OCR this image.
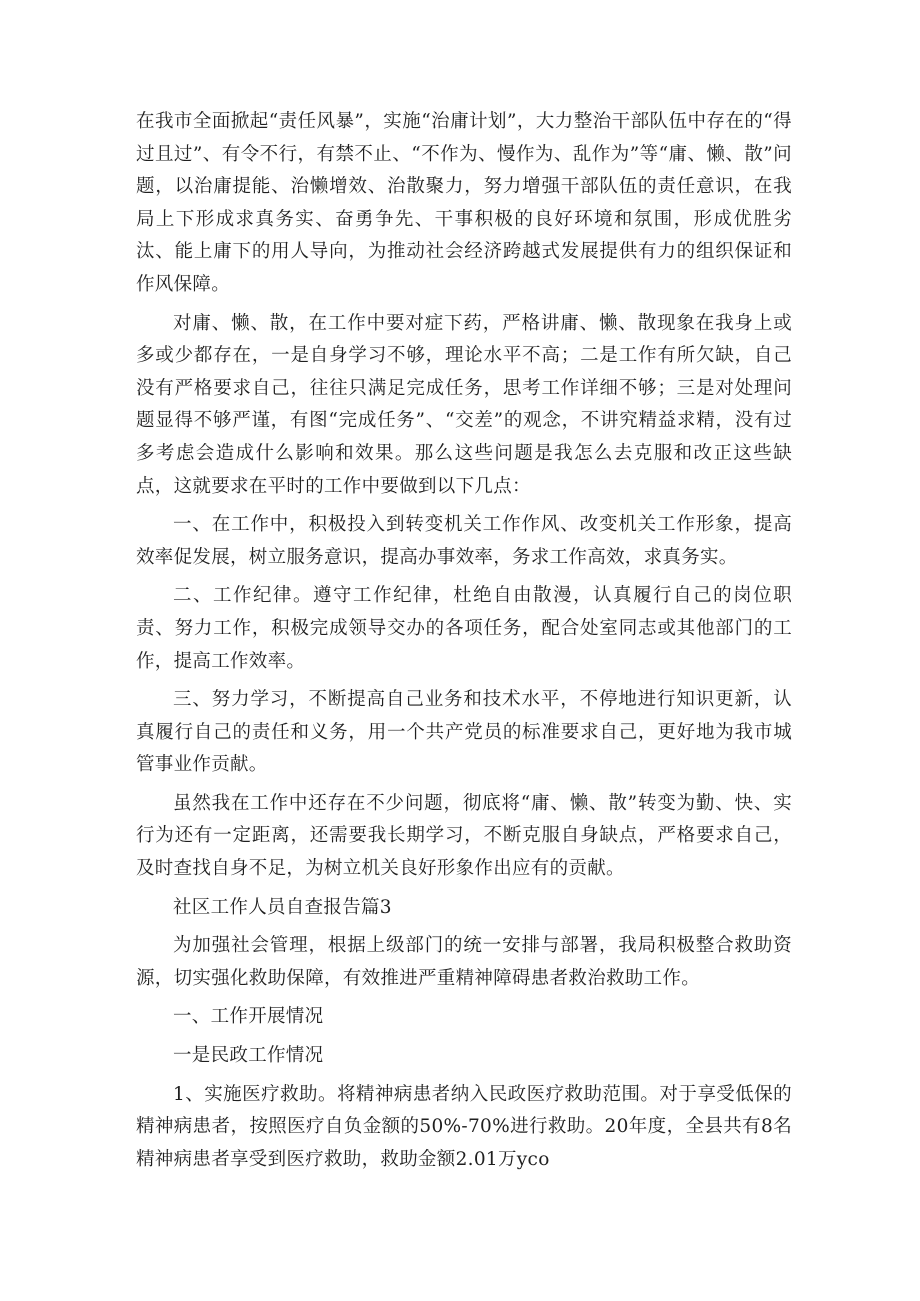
在我市全面掀起“责任风暴”，实施“治庸计划”，大力整治干部队伍中存在的“得过且过”、有令不行，有禁不止、“不作为、慢作为、乱作为”等“庸、懒、散”问题，以治庸提能、治懒增效、治散聚力，努力增强干部队伍的责任意识，在我局上下形成求真务实、奋勇争先、干事积极的良好环境和氛围，形成优胜劣汰、能上庸下的用人导向，为推动社会经济跨越式发展提供有力的组织保证和作风保障。

对庸、懒、散，在工作中要对症下药，严格讲庸、懒、散现象在我身上或多或少都存在，一是自身学习不够，理论水平不高；二是工作有所欠缺，自己没有严格要求自己，往往只满足完成任务，思考工作详细不够；三是对处理问题显得不够严谨，有图“完成任务”、“交差”的观念，不讲究精益求精，没有过多考虑会造成什么影响和效果。那么这些问题是我怎么去克服和改正这些缺点，这就要求在平时的工作中要做到以下几点：

一、在工作中，积极投入到转变机关工作作风、改变机关工作形象，提高效率促发展，树立服务意识，提高办事效率，务求工作高效，求真务实。

二、工作纪律。遵守工作纪律，杜绝自由散漫，认真履行自己的岗位职责、努力工作，积极完成领导交办的各项任务，配合处室同志或其他部门的工作，提高工作效率。

三、努力学习，不断提高自己业务和技术水平，不停地进行知识更新，认真履行自己的责任和义务，用一个共产党员的标准要求自己，更好地为我市城管事业作贡献。

虽然我在工作中还存在不少问题，彻底将“庸、懒、散”转变为勤、快、实行为还有一定距离，还需要我长期学习，不断克服自身缺点，严格要求自己，及时查找自身不足，为树立机关良好形象作出应有的贡献。

社区工作人员自查报告篇3

为加强社会管理，根据上级部门的统一安排与部署，我局积极整合救助资源，切实强化救助保障，有效推进严重精神障碍患者救治救助工作。

一、工作开展情况

一是民政工作情况

1、实施医疗救助。将精神病患者纳入民政医疗救助范围。对于享受低保的精神病患者，按照医疗自负金额的50%-70%进行救助。20年度，全县共有8名精神病患者享受到医疗救助，救助金额2.01万yco
